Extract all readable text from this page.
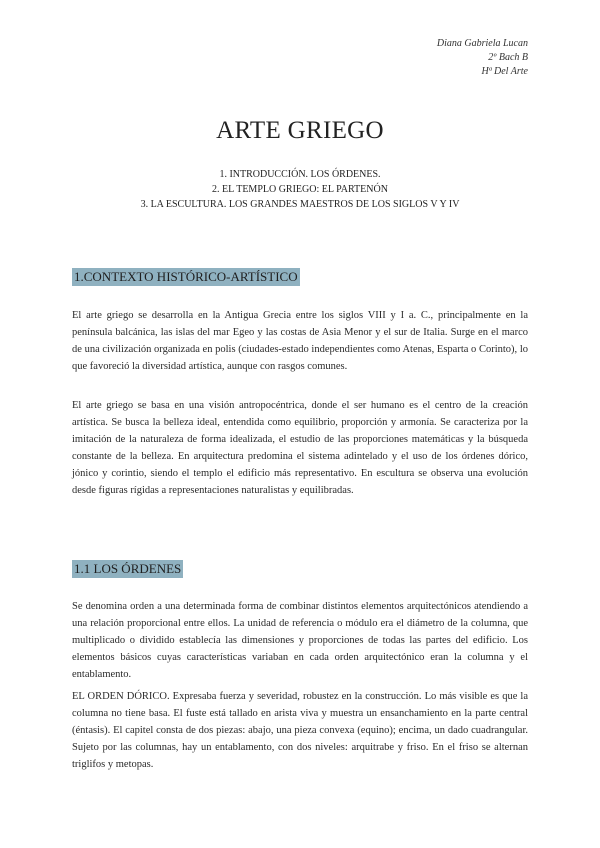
Diana Gabriela Lucan
2º Bach B
Hª Del Arte
ARTE GRIEGO
1. INTRODUCCIÓN. LOS ÓRDENES.
2. EL TEMPLO GRIEGO: EL PARTENÓN
3. LA ESCULTURA. LOS GRANDES MAESTROS DE LOS SIGLOS V Y IV
1.CONTEXTO HISTÓRICO-ARTÍSTICO

El arte griego se desarrolla en la Antigua Grecia entre los siglos VIII y I a. C., principalmente en la península balcánica, las islas del mar Egeo y las costas de Asia Menor y el sur de Italia. Surge en el marco de una civilización organizada en polis (ciudades-estado independientes como Atenas, Esparta o Corinto), lo que favoreció la diversidad artística, aunque con rasgos comunes.

El arte griego se basa en una visión antropocéntrica, donde el ser humano es el centro de la creación artística. Se busca la belleza ideal, entendida como equilibrio, proporción y armonía. Se caracteriza por la imitación de la naturaleza de forma idealizada, el estudio de las proporciones matemáticas y la búsqueda constante de la belleza. En arquitectura predomina el sistema adintelado y el uso de los órdenes dórico, jónico y corintio, siendo el templo el edificio más representativo. En escultura se observa una evolución desde figuras rígidas a representaciones naturalistas y equilibradas.

1.1 LOS ÓRDENES

Se denomina orden a una determinada forma de combinar distintos elementos arquitectónicos atendiendo a una relación proporcional entre ellos. La unidad de referencia o módulo era el diámetro de la columna, que multiplicado o dividido establecía las dimensiones y proporciones de todas las partes del edificio. Los elementos básicos cuyas características variaban en cada orden arquitectónico eran la columna y el entablamento.

EL ORDEN DÓRICO. Expresaba fuerza y severidad, robustez en la construcción. Lo más visible es que la columna no tiene basa. El fuste está tallado en arista viva y muestra un ensanchamiento en la parte central (éntasis). El capitel consta de dos piezas: abajo, una pieza convexa (equino); encima, un dado cuadrangular. Sujeto por las columnas, hay un entablamento, con dos niveles: arquitrabe y friso. En el friso se alternan triglifos y metopas.
